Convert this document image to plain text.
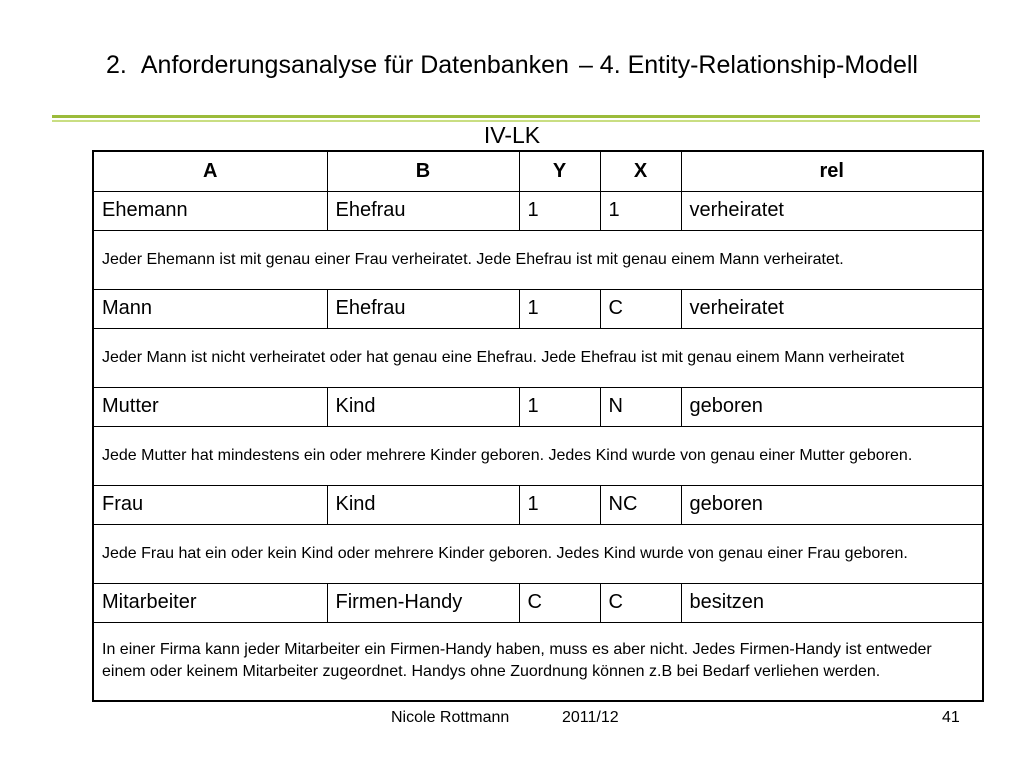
2. Anforderungsanalyse für Datenbanken – 4. Entity-Relationship-Modell
IV-LK
A	B	Y	X	rel
Ehemann	Ehefrau	1	1	verheiratet
Jeder Ehemann ist mit genau einer Frau verheiratet. Jede Ehefrau ist mit genau einem Mann verheiratet.				
Mann	Ehefrau	1	C	verheiratet
Jeder Mann ist nicht verheiratet oder hat genau eine Ehefrau. Jede Ehefrau ist mit genau einem Mann verheiratet				
Mutter	Kind	1	N	geboren
Jede Mutter hat mindestens ein oder mehrere Kinder geboren. Jedes Kind wurde von genau einer Mutter geboren.				
Frau	Kind	1	NC	geboren
Jede Frau hat ein oder kein Kind oder mehrere Kinder geboren. Jedes Kind wurde von genau einer Frau geboren.				
Mitarbeiter	Firmen-Handy	C	C	besitzen
In einer Firma kann jeder Mitarbeiter ein Firmen-Handy haben, muss es aber nicht. Jedes Firmen-Handy ist entweder einem oder keinem Mitarbeiter zugeordnet. Handys ohne Zuordnung können z.B bei Bedarf verliehen werden.				
Nicole Rottmann	2011/12	41
